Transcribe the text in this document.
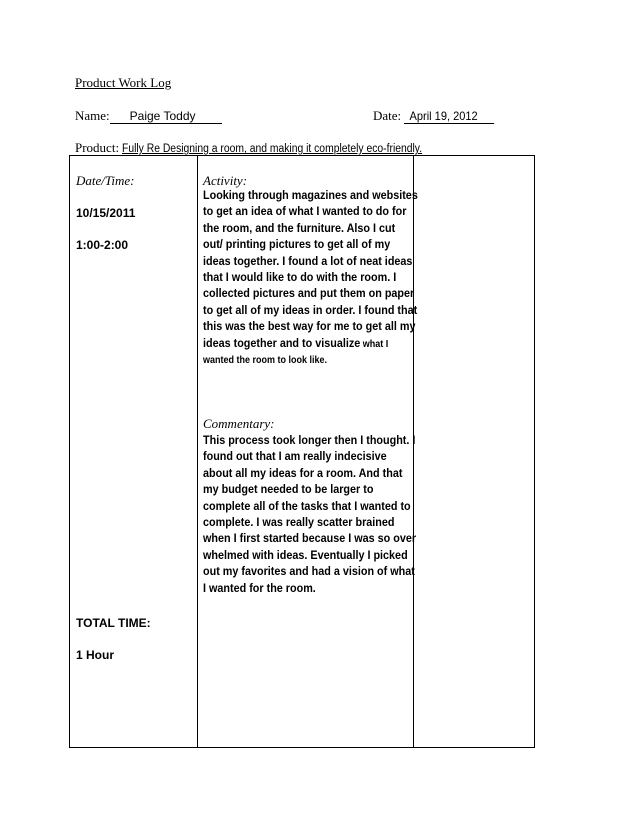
Product Work Log
Name: Paige Toddy	Date: April 19, 2012
Product: Fully Re Designing a room, and making it completely eco-friendly.
Date/Time:
10/15/2011
1:00-2:00
TOTAL TIME:
1 Hour
Activity:
Looking through magazines and websites
to get an idea of what I wanted to do for
the room, and the furniture. Also I cut
out/ printing pictures to get all of my
ideas together. I found a lot of neat ideas
that I would like to do with the room. I
collected pictures and put them on paper
to get all of my ideas in order. I found that
this was the best way for me to get all my
ideas together and to visualize what I
wanted the room to look like.
Commentary:
This process took longer then I thought. I
found out that I am really indecisive
about all my ideas for a room. And that
my budget needed to be larger to
complete all of the tasks that I wanted to
complete. I was really scatter brained
when I first started because I was so over
whelmed with ideas. Eventually I picked
out my favorites and had a vision of what
I wanted for the room.
